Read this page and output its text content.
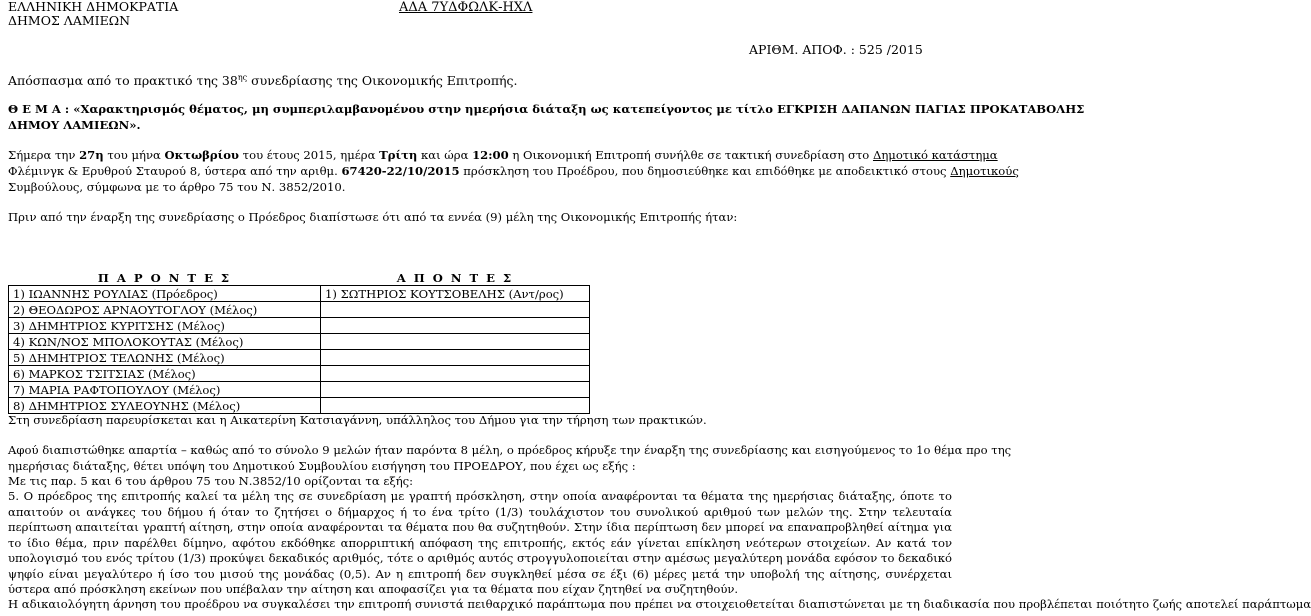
ΕΛΛΗΝΙΚΗ ΔΗΜΟΚΡΑΤΙΑ
ΔΗΜΟΣ ΛΑΜΙΕΩΝ
ΑΔΑ 7ΥΔΦΩΛΚ-ΗΧΛ
ΑΡΙΘΜ. ΑΠΟΦ. : 525 /2015
Απόσπασμα από το πρακτικό της $38^{\eta\varsigma}$ συνεδρίασης της Οικονομικής Επιτροπής.
Θ Ε Μ Α : «Χαρακτηρισμός θέματος, μη συμπεριλαμβανομένου στην ημερήσια διάταξη ως κατεπείγοντος με τίτλο ΕΓΚΡΙΣΗ ΔΑΠΑΝΩΝ ΠΑΓΙΑΣ ΠΡΟΚΑΤΑΒΟΛΗΣ
ΔΗΜΟΥ ΛΑΜΙΕΩΝ».
Σήμερα την 27η του μήνα Οκτωβρίου του έτους 2015, ημέρα Τρίτη και ώρα 12:00 η Οικονομική Επιτροπή συνήλθε σε τακτική συνεδρίαση στο Δημοτικό κατάστημα
Φλέμινγκ & Ερυθρού Σταυρού 8, ύστερα από την αριθμ. 67420-22/10/2015 πρόσκληση του Προέδρου, που δημοσιεύθηκε και επιδόθηκε με αποδεικτικό στους Δημοτικούς
Συμβούλους, σύμφωνα με το άρθρο 75 του Ν. 3852/2010.
Πριν από την έναρξη της συνεδρίασης ο Πρόεδρος διαπίστωσε ότι από τα εννέα (9) μέλη της Οικονομικής Επιτροπής ήταν:
Π Α Ρ Ο Ν Τ Ε Σ	Α Π Ο Ν Τ Ε Σ
1) ΙΩΑΝΝΗΣ ΡΟΥΛΙΑΣ (Πρόεδρος)	1) ΣΩΤΗΡΙΟΣ ΚΟΥΤΣΟΒΕΛΗΣ (Αντ/ρος)
2) ΘΕΟΔΩΡΟΣ ΑΡΝΑΟΥΤΟΓΛΟΥ (Μέλος)	
3) ΔΗΜΗΤΡΙΟΣ ΚΥΡΙΤΣΗΣ (Μέλος)	
4) ΚΩΝ/ΝΟΣ ΜΠΟΛΟΚΟΥΤΑΣ (Μέλος)	
5) ΔΗΜΗΤΡΙΟΣ ΤΕΛΩΝΗΣ (Μέλος)	
6) ΜΑΡΚΟΣ ΤΣΙΤΣΙΑΣ (Μέλος)	
7) ΜΑΡΙΑ ΡΑΦΤΟΠΟΥΛΟΥ (Μέλος)	
8) ΔΗΜΗΤΡΙΟΣ ΣΥΛΕΟΥΝΗΣ (Μέλος)	
Στη συνεδρίαση παρευρίσκεται και η Αικατερίνη Κατσιαγάννη, υπάλληλος του Δήμου για την τήρηση των πρακτικών.
Αφού διαπιστώθηκε απαρτία – καθώς από το σύνολο 9 μελών ήταν παρόντα 8 μέλη, ο πρόεδρος κήρυξε την έναρξη της συνεδρίασης και εισηγούμενος το 1ο θέμα προ της
ημερήσιας διάταξης, θέτει υπόψη του Δημοτικού Συμβουλίου εισήγηση του ΠΡΟΕΔΡΟΥ, που έχει ως εξής :
Με τις παρ. 5 και 6 του άρθρου 75 του Ν.3852/10 ορίζονται τα εξής:
5. Ο πρόεδρος της επιτροπής καλεί τα μέλη της σε συνεδρίαση με γραπτή πρόσκληση, στην οποία αναφέρονται τα θέματα της ημερήσιας διάταξης, όποτε το απαιτούν οι ανάγκες του δήμου ή όταν το ζητήσει ο δήμαρχος ή το ένα τρίτο (1/3) τουλάχιστον του συνολικού αριθμού των μελών της. Στην τελευταία περίπτωση απαιτείται γραπτή αίτηση, στην οποία αναφέρονται τα θέματα που θα συζητηθούν. Στην ίδια περίπτωση δεν μπορεί να επαναπροβληθεί αίτημα για το ίδιο θέμα, πριν παρέλθει δίμηνο, αφότου εκδόθηκε απορριπτική απόφαση της επιτροπής, εκτός εάν γίνεται επίκληση νεότερων στοιχείων. Αν κατά τον υπολογισμό του ενός τρίτου (1/3) προκύψει δεκαδικός αριθμός, τότε ο αριθμός αυτός στρογγυλοποιείται στην αμέσως μεγαλύτερη μονάδα εφόσον το δεκαδικό ψηφίο είναι μεγαλύτερο ή ίσο του μισού της μονάδας (0,5). Αν η επιτροπή δεν συγκληθεί μέσα σε έξι (6) μέρες μετά την υποβολή της αίτησης, συνέρχεται ύστερα από πρόσκληση εκείνων που υπέβαλαν την αίτηση και αποφασίζει για τα θέματα που είχαν ζητηθεί να συζητηθούν.
Η αδικαιολόγητη άρνηση του προέδρου να συγκαλέσει την επιτροπή συνιστά πειθαρχικό παράπτωμα που πρέπει να στοιχειοθετείται διαπιστώνεται με τη διαδικασία που προβλέπεται ποιότητο ζωής αποτελεί παράπτωμα
